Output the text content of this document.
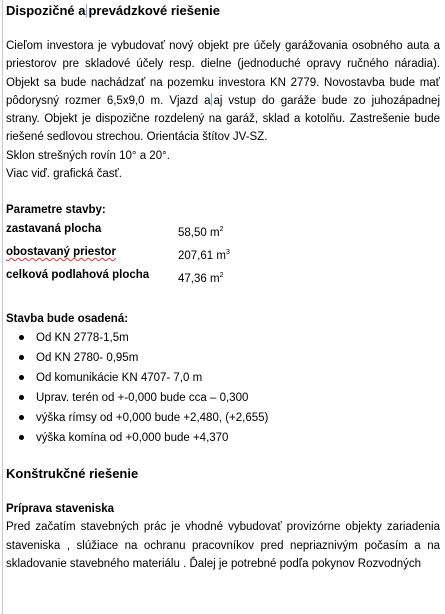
Dispozičné a prevádzkové riešenie
Cieľom investora je vybudovať nový objekt pre účely garážovania osobného auta a priestorov pre skladové účely resp. dielne (jednoduché opravy ručného náradia). Objekt sa bude nachádzať na pozemku investora KN 2779. Novostavba bude mať pôdorysný rozmer 6,5x9,0 m. Vjazd a aj vstup do garáže bude zo juhozápadnej strany. Objekt je dispozične rozdelený na garáž, sklad a kotolňu. Zastrešenie bude riešené sedlovou strechou. Orientácia štítov JV-SZ.
Sklon strešných rovín 10° a 20°.
Viac viď. grafická časť.
Parametre stavby:
zastavaná plocha	58,50 $m^2$
obostavaný priestor	207,61 $m^3$
celková podlahová plocha	47,36 $m^2$
Stavba bude osadená:
Od KN 2778-1,5m
Od KN 2780- 0,95m
Od komunikácie KN 4707- 7,0 m
Uprav. terén od +-0,000 bude cca – 0,300
výška rímsy od +0,000 bude +2,480, (+2,655)
výška komína od +0,000 bude +4,370
Konštrukčné riešenie
Príprava staveniska
Pred začatím stavebných prác je vhodné vybudovať provizórne objekty zariadenia staveniska , slúžiace na ochranu pracovníkov pred nepriaznivým počasím a na skladovanie stavebného materiálu . Ďalej je potrebné podľa pokynov Rozvodných
